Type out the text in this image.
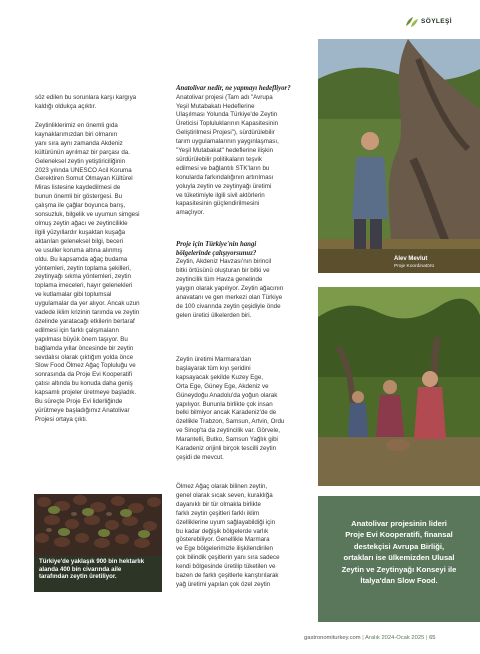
SÖYLEŞİ

söz edilen bu sorunlara karşı kargıya
kaldığı oldukça açıktır.

Zeytinliklerimiz en önemli gıda
kaynaklarımızdan biri olmanın
yanı sıra aynı zamanda Akdeniz
kültürünün ayrılmaz bir parçası da.
Geleneksel zeytin yetiştiriciliğinin
2023 yılında UNESCO Acil Koruma
Gerektiren Somut Olmayan Kültürel
Miras listesine kaydedilmesi de
bunun önemli bir göstergesi. Bu
çalışma ile çağlar boyunca barış,
sonsuzluk, bilgelik ve uyumun simgesi
olmuş zeytin ağacı ve zeytincilikle
ilgili yüzyıllardır kuşaktan kuşağa
aktarılan geleneksel bilgi, beceri
ve usuller koruma altına alınmış
oldu. Bu kapsamda ağaç budama
yöntemleri, zeytin toplama şekilleri,
zeytinyağı sıkma yöntemleri, zeytin
toplama imeceleri, hayır gelenekleri
ve kutlamalar gibi toplumsal
uygulamalar da yer alıyor. Ancak uzun
vadede iklim krizinin tarımda ve zeytin
özelinde yaratacağı etkilerin bertaraf
edilmesi için farklı çalışmaların
yapılması büyük önem taşıyor. Bu
bağlamda yıllar öncesinde bir zeytin
sevdalısı olarak çıktığım yolda önce
Slow Food Ölmez Ağaç Topluluğu ve
sonrasında da Proje Evi Kooperatifi
çatısı altında bu konuda daha geniş
kapsamlı projeler üretmeye başladık.
Bu süreçte Proje Evi liderliğinde
yürütmeye başladığımız Anatolivar
Projesi ortaya çıktı.

Anatolivar nedir, ne yapmayı hedefliyor?

Anatolivar projesi (Tam adı "Avrupa
Yeşil Mutabakatı Hedeflerine
Ulaşılması Yolunda Türkiye'de Zeytin
Üreticisi Topluluklarının Kapasitesinin
Geliştirilmesi Projesi"), sürdürülebilir
tarım uygulamalarının yaygınlaşması,
"Yeşil Mutabakat" hedeflerine ilişkin
sürdürülebilir politikaların teşvik
edilmesi ve bağlantılı STK'ların bu
konularda farkındalığının artırılması
yoluyla zeytin ve zeytinyağı üretimi
ve tüketimiyle ilgili sivil aktörlerin
kapasitesinin güçlendirilmesini
amaçlıyor.

Proje için Türkiye'nin hangi
bölgelerinde çalışıyorsunuz?

Zeytin, Akdeniz Havzası'nın birincil
bitki örtüsünü oluşturan bir bitki ve
zeytincilik tüm Havza genelinde
yaygın olarak yapılıyor. Zeytin ağacının
anavatanı ve gen merkezi olan Türkiye
de 100 civarında zeytin çeşidiyle önde
gelen üretici ülkelerden biri.

Zeytin üretimi Marmara'dan
başlayarak tüm kıyı şeridini
kapsayacak şekilde Kuzey Ege,
Orta Ege, Güney Ege, Akdeniz ve
Güneydoğu Anadolu'da yoğun olarak
yapılıyor. Bununla birlikte çok insan
belki bilmiyor ancak Karadeniz'de de
özellikle Trabzon, Samsun, Artvin, Ordu
ve Sinop'ta da zeytincilik var. Görvele,
Marantelli, Butko, Samsun Yağlık gibi
Karadeniz orijinli birçok tescilli zeytin
çeşidi de mevcut.

Ölmez Ağaç olarak bilinen zeytin,
genel olarak sıcak seven, kuraklığa
dayanıklı bir tür olmakla birlikte
farklı zeytin çeşitleri farklı iklim
özelliklerine uyum sağlayabildiği için
bu kadar değişik bölgelerde varlık
gösterebiliyor. Genellikle Marmara
ve Ege bölgelerimizle ilişkilendirilen
çok bilindik çeşitlerin yanı sıra sadece
kendi bölgesinde üretilip tüketilen ve
bazen de farklı çeşitlerle karıştırılarak
yağ üretimi yapılan çok özel zeytin

Türkiye'de yaklaşık 900 bin hektarlık
alanda 400 bin civarında aile
tarafından zeytin üretiliyor.
Alev Mevlut
Proje Koordinatörü
Anatolivar projesinin lideri
Proje Evi Kooperatifi, finansal
destekçisi Avrupa Birliği,
ortakları ise ülkemizden Ulusal
Zeytin ve Zeytinyağı Konseyi ile
İtalya'dan Slow Food.
gastronomiturkey.com | Aralık 2024-Ocak 2025 | 65
